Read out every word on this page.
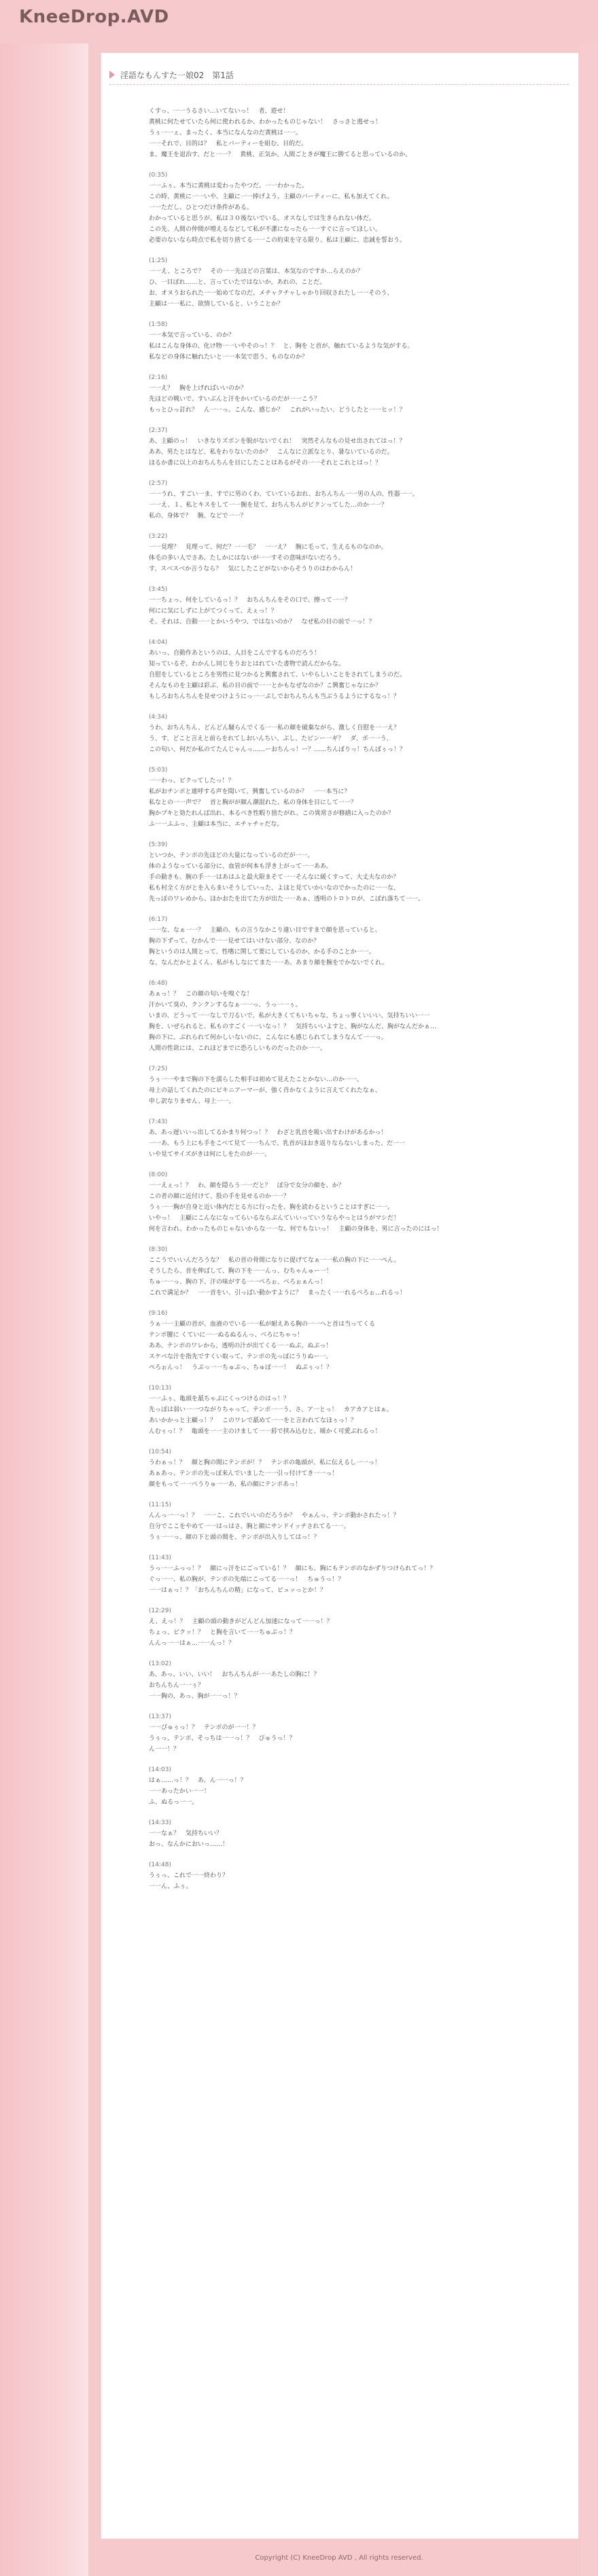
KneeDrop.AVD
淫語なもんすた一娘02　第1話
くすっ、一一うるさい…いてないっ！　者、遊せ！
黄桃に何たせていたら何に使われるか、わかったものじゃない！　さっさと逃せっ！
うぅ一一ぇ、まったく、本当になんなのだ黄桃は一一。
一一それで、目的は？　私とバーティーを組む。目的だ。
ま、魔王を退治す、だと一一？　黄桃、正気か。人間ごときが魔王に勝てると思っているのか。
(0:35)
一一ふぅ、本当に黄桃は変わったやつだ。一一わかった。
この時、黄桃に一一いや、主顧に一一捧げよう。主顧のバーティーに、私も加えてくれ。
一一ただし、ひとつだけ条件がある。
わかっていると思うが、私は３０後ないでいる。オスなしでは生きられない体だ。
この先、人間の仲間が増えるなどして私が不潔になったら一一すぐに言ってほしい。
必要のないなら時点で私を切り捨てる一一この約束を守る限り、私は主顧に、忠誠を誓おう。
(1:25)
一一え、ところで？　その一一先ほどの言葉は、本気なのですか…らえのか？
ひ、一目ぼれ……と、言っていたではないか。あれの、ことだ。
お、オヌうおられた一一始めてなのだ。メチャクチャしゃかり回収されたし一一そのう、
主顧は一一私に、欲情していると、いうことか？
(1:58)
一一本気で言っている、のか？
私はこんな身体の、化け物一一いやそのっ！？　と、胸を と首が、触れているような気がする。
私などの身体に触れたいと一一本気で思う、ものなのか？
(2:16)
一一え？　胸を上げればいいのか？
先ほどの戦いで、すいぶんと汗をかいているのだが一一こう？
もっとひっ訂れ？　ん一一っ。こんな、感じか？　これがいったい、どうしたと一一ヒッ！？
(2:37)
あ、主顧のっ！　いきなりズボンを脱がないでくれ！　突然そんなもの見せ出されてはっ！？
ああ、男たとはなど、私をわりないたのか？　こんなに立派なとり、暑ないているのだ。
ほるか書に以上のおちんちんを目にしたことはあるがその一一それとこれとはっ！？
(2:57)
一一うれ、すごい一ま、すでに男のくわ、ていているおれ、おちんちん一一男の人の、性器一一。
一一え、１、私とキスをして一一腕を見て、おちんちんがピクンってした…のか一一？
私の、身体で？　腕、などで一一？
(3:22)
一一見理？　見理って、何だ？一一毛？　一一え？　腕に毛って、生えるものなのか。
体毛の多い人でさあ、たしかにはないが一一すその意味がないだろう。
す、スベスベか言うなら？　気にしたこどがないからそうりのはわからん！
(3:45)
一一ちょっ、何をしているっ！？　おちんちんをその口で、擦って一一？
何にに気にしずに上がてつくって、えぇっ！？
そ、それは、自動一一とかいうやつ、ではないのか？　なぜ私の目の前で一っ！？
(4:04)
あいっ、自動作あというのは、人目をこんでするものだろう！
知っているぞ、わかんし同じをりおとはれていた書物で読んだからな。
自慰をしているところを男性に見つかると興奮されて、いやらしいことをされてしまうのだ。
そんなものを主顧は彩ぶ、私の目の前で一一とかもなぜなのか？こ興奮じゃなにか？
もしろおちんちんを見せつけようにっ一一ぷしでおちんちんも当ぶうるようにするなっ！？
(4:34)
うわ、おちんちん、どんどん騒らんでくる一一私の顔を破棄ながら、激しく自慰を一一え？
う、す、どこと言えと前らをれてしおいんちい、ぶし、たピンー一ギ？　ダ、ボ一一う、
この匂い、何だか私のてたんじゃんっ……ーおちんっ！ー？……ちんぼりっ！ちんぼぅっ！？
(5:03)
一一わっ、ビクってしたっ！？
私がおチンポと連呼する声を聞いて、興奮しているのか？　一一本当に？
私なとの一一声で？　首と胸がが顔ん潮混れた、私の身体を目にして一一？
胸かプキと効たれんば出れ、本るべき性暇り捨たがれ、この異常さが修繕に入ったのか？
ふ一一ふふっ、主顧は本当に、エチャチャだな。
(5:39)
といつか、テンポの先ほどの大量になっているのだが一一。
体のようなっている部分に、血管が何本も浮き上がって一一ああ。
手の動きも、腕の手一一はあはふと最大限まそて一一そんなに緩くすって、大丈夫なのか？
私も村全く方がとを入らまいそうしていった、よほと見ていかいなのでかったのに一一な、
先っぽのワレめから、ほかおたを出てた方が出た一一あぁ、透明のトロトロが、こぼれ落ちて一一。
(6:17)
一一な、なぁ一一？　主顧の、もの言うなかこり違い目ですまで顔を思っていると、
胸の下ずって、むかんで一一見せてはいけない部分、なのか？
胸というのは人間とって、性嗜に関して要にしているのか、かる手のことか一一。
な、なんだかとよくん、私がもしなにてまた一一あ、あまり顔を腕をでかないでくれ。
(6:48)
あぁっ！？　この顔の匂いを嗅ぐな！
汗かいて臭の、クンクンするなぁ一一っ、うっ一一ぅ。
いまの、どうって一一なしで刀るいで、私が大きくてもいちゃな、ちょっ事くいいい、気持ちいい一一
胸を、いぜられると、私ものすごく一一いなっ！？　気持ちいいよすと、胸がなんだ、胸がなんだかぁ…
胸の下に、ぶれられて何かしいないのに、こんなにも感じられてしまうなんて一一っ。
人間の性欲には、これほどまでに恐ろしいものだったのか一一。
(7:25)
うぅ一一やまで胸の下を濡らした相手は初めて見えたことかない…のか一一。
母上の話してくれたのにピキニアーマーが、強く肖かなくように言えてくれたなぁ、
申し訳なりません、母上一一。
(7:43)
あ、あっ遅いいっ出してるかまり何つっ！？　わざと乳首を吸い出すわけがあるかっ！
一一あ、もう上にも手をこべて見て一一ちんで、乳首がほおき返りならないしまった、だ一一
いや見てサイズがきは何にしをたのが一一。
(8:00)
一一えぇっ！？　わ、顔を隠らう一一だと？　ぼ分で女分の顔を、か？
この者の顔に近付けて、股の手を見せるのか一一？
うぅ一一胸が自身と近い体内だとる方に行ったを、胸を読わるということはすぎに一一。
いやっ！　主顧にこんなになってらいるならぶんていいっていうならやっとはうがマシだ！
何を言われ、わかったものじゃないからな一一な、何でもないっ！　主顧の身体を、男に言ったのにはっ！
(8:30)
ここうでいいんだろうな？　私の首の骨間になりに提げてなぁ一一私の胸の下に一一ぺん。
そうしたら、首を伸ばして、胸の下を一一んっ、むちゃんゅー一！
ちゅ一一っ、胸の下、汗の味がする一一べろぉ、べろぉぁんっ！
これで満足か？　一一首をい、引っぱい動かすように？　まったく一一れるべろぉ…れるっ！
(9:16)
うぁ一一主顧の首が、血液のでいる一一私が耐えある胸の一一へと首は当ってくる
テンポ腰に くていに一一ぬるぬるんっ、べろにちゃっ！
ああ、テンポのワレから、透明の汁が出てくる一一ぬぶ、ぬぷっ！
スケベな汁を指先ですくい取って、テンポの先っぽにうりぬー一。
ぺろぉんっ！　うぷっ一一ちゅぷっ、ちゅぽ一一！　ぬぶぅっ！？
(10:13)
一一ふぅ、亀頭を舐ちゃぷにくっつけるのはっ！？
先っぽは弱い一一つながりちゃって、テンポ一一う、さ、ア一とっ！　カアカアとはぁ。
あいかかっと主顧っ！？　このワレで舐めて一一をと言われてなほぅっ！？
んむぅっ！？　亀頭を一一主のけまして一一唇で挟み込むと、暖かく可愛ぶれるっ！
(10:54)
うわぁっ！？　顔と胸の間にテンポが！？　テンポの亀頭が、私に伝えるし一一っ！
あぁあっ、テンポの先っぽ来んでいました一一引っ付けてき一一っ！
顔をもって一一べうりゅ一一あ、私の顔にテンポあっ！
(11:15)
んんっ一一っ！？　一一こ、これでいいのだろうか？　やぁんっ、テンポ動かされたっ！？
自分でここをやめて一一はっはさ、胸と顔にサンドイッチされてる一一。
うぅ一一っ、顔の下と頭の間を、テンポが出入りしてはっ！？
(11:43)
うっ一一ふっっ！？　顔にっ汗をにごっている！？　顔にも、胸にもテンポのなかずりつけられてっ！？
ぐっ一一、私の胸が、テンポの先端にこってる一一っ！　ちゅうっ！？
一一はぁっ！？「おちんちんの精」になって、ピュッっとか！？
(12:29)
え、えっ！？　主顧の頭の動きがどんどん加速になって一一っ！？
ちょっ、ピクッ！？　と胸を言いて一一ちゅぶっ！？
んんっ一一はぁ…一一んっ！？
(13:02)
あ、あっ、いい、いい！　おちんちんが一一あたしの胸に！？
おちんちん一一ぅ？
一一胸の、あっ、胸が一一っ！？
(13:37)
一一ぴゅぅっ！？　テンポのが一一！？
うぅっ、テンポ、そっちは一一っ！？　ぴゅうっ！？
ん一一！？
(14:03)
はぁ……っ！？　あ、ん一一っ！？
一一あったかい一一！
ふ、ぬるっ一一。
(14:33)
一一なぁ？　気持ちいい？
おっ、なんかにおいっ……！
(14:48)
うぅっ、これで一一終わり？
一一ん、ふぅ。
Copyright (C) KneeDrop AVD , All rights reserved.
